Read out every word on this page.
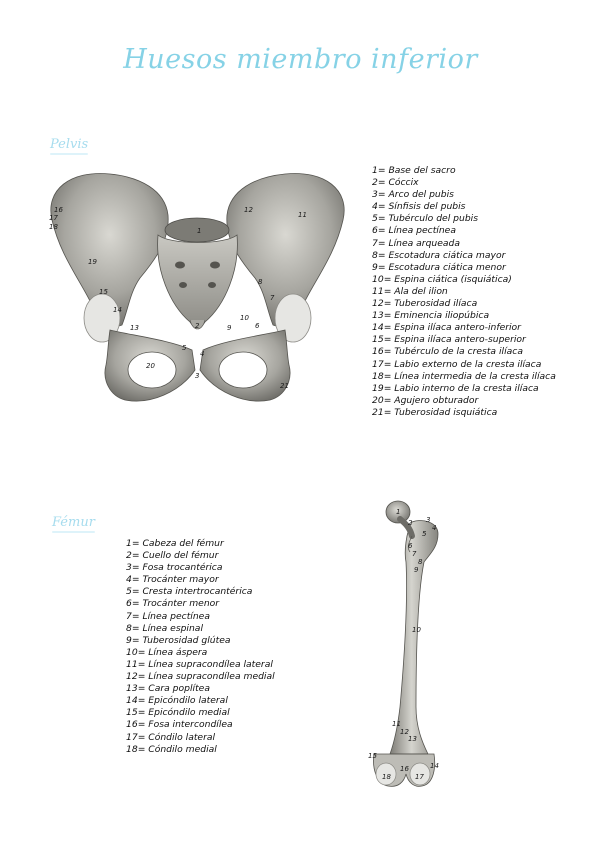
Huesos miembro inferior
Pelvis
1
2
3
4
5
6
7
8
9
10
11
12
13
14
15
16
17
18
19
20
21
1= Base del sacro
2= Cóccix
3= Arco del pubis
4= Sínfisis del pubis
5= Tubérculo del pubis
6= Línea pectínea
7= Línea arqueada
8= Escotadura ciática mayor
9= Escotadura ciática menor
10= Espina ciática (isquiática)
11= Ala del ilion
12= Tuberosidad ilíaca
13= Eminencia iliopúbica
14= Espina ilíaca antero-inferior
15= Espina ilíaca antero-superior
16= Tubérculo de la cresta ilíaca
17= Labio externo de la cresta ilíaca
18= Línea intermedia de la cresta ilíaca
19= Labio interno de la cresta ilíaca
20= Agujero obturador
21= Tuberosidad isquiática
Fémur
1= Cabeza del fémur
2= Cuello del fémur
3= Fosa trocantérica
4= Trocánter mayor
5= Cresta intertrocantérica
6= Trocánter menor
7= Línea pectínea
8= Línea espinal
9= Tuberosidad glútea
10= Línea áspera
11= Línea supracondílea lateral
12= Línea supracondílea medial
13= Cara poplítea
14= Epicóndilo lateral
15= Epicóndilo medial
16= Fosa intercondílea
17= Cóndilo lateral
18= Cóndilo medial
1
2 3
4
5
6
7
8
9
10
11
12
13
14
15
16
17
18
